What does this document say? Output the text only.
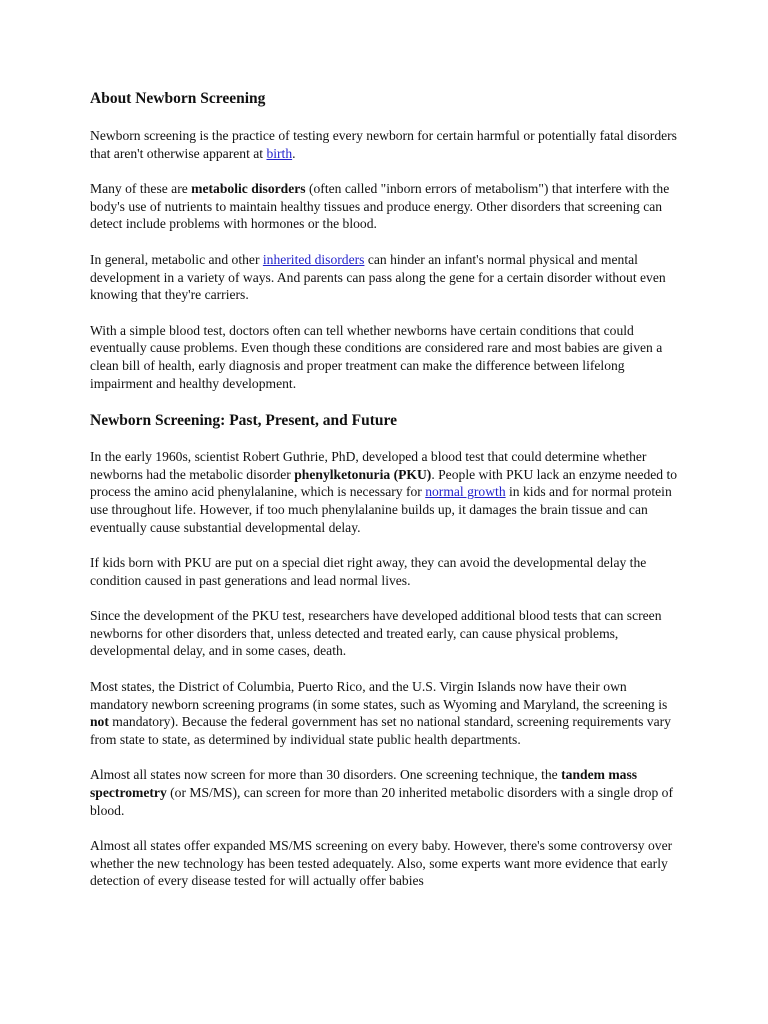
About Newborn Screening

Newborn screening is the practice of testing every newborn for certain harmful or potentially fatal disorders that aren't otherwise apparent at birth.

Many of these are metabolic disorders (often called "inborn errors of metabolism") that interfere with the body's use of nutrients to maintain healthy tissues and produce energy. Other disorders that screening can detect include problems with hormones or the blood.

In general, metabolic and other inherited disorders can hinder an infant's normal physical and mental development in a variety of ways. And parents can pass along the gene for a certain disorder without even knowing that they're carriers.

With a simple blood test, doctors often can tell whether newborns have certain conditions that could eventually cause problems. Even though these conditions are considered rare and most babies are given a clean bill of health, early diagnosis and proper treatment can make the difference between lifelong impairment and healthy development.

Newborn Screening: Past, Present, and Future

In the early 1960s, scientist Robert Guthrie, PhD, developed a blood test that could determine whether newborns had the metabolic disorder phenylketonuria (PKU). People with PKU lack an enzyme needed to process the amino acid phenylalanine, which is necessary for normal growth in kids and for normal protein use throughout life. However, if too much phenylalanine builds up, it damages the brain tissue and can eventually cause substantial developmental delay.

If kids born with PKU are put on a special diet right away, they can avoid the developmental delay the condition caused in past generations and lead normal lives.

Since the development of the PKU test, researchers have developed additional blood tests that can screen newborns for other disorders that, unless detected and treated early, can cause physical problems, developmental delay, and in some cases, death.

Most states, the District of Columbia, Puerto Rico, and the U.S. Virgin Islands now have their own mandatory newborn screening programs (in some states, such as Wyoming and Maryland, the screening is not mandatory). Because the federal government has set no national standard, screening requirements vary from state to state, as determined by individual state public health departments.

Almost all states now screen for more than 30 disorders. One screening technique, the tandem mass spectrometry (or MS/MS), can screen for more than 20 inherited metabolic disorders with a single drop of blood.

Almost all states offer expanded MS/MS screening on every baby. However, there's some controversy over whether the new technology has been tested adequately. Also, some experts want more evidence that early detection of every disease tested for will actually offer babies
